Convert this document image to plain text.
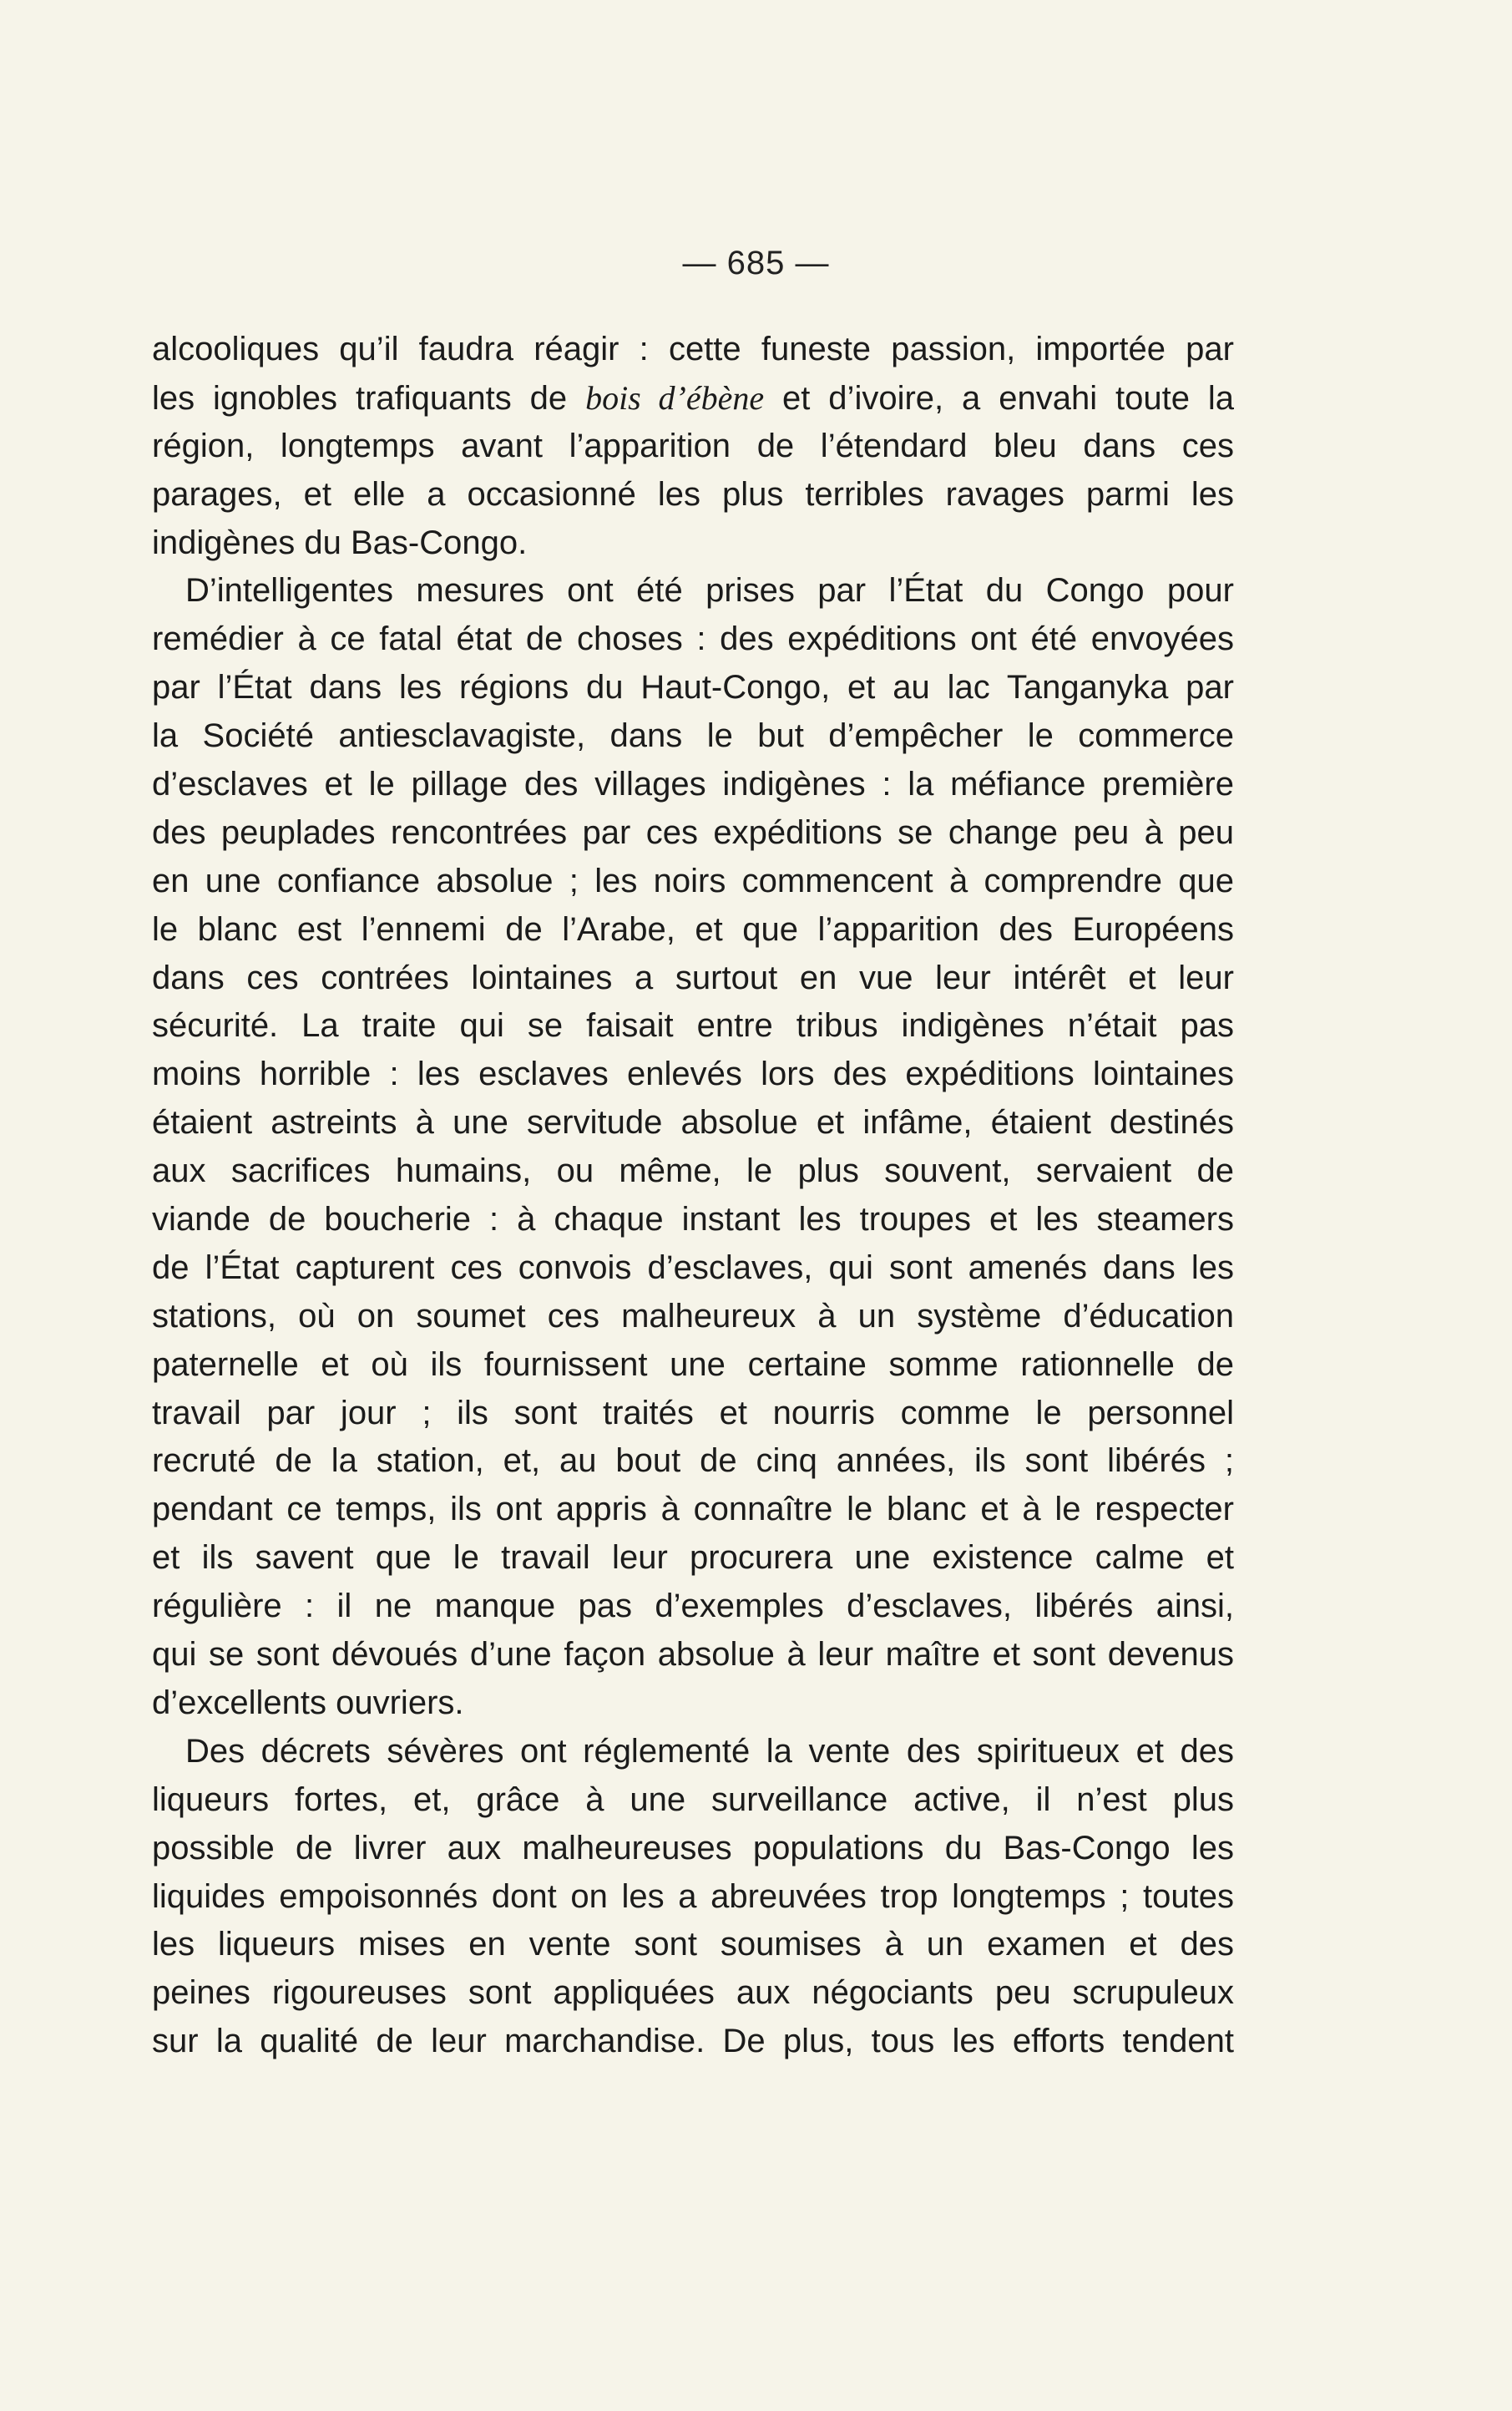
— 685 —
alcooliques qu’il faudra réagir : cette funeste passion, importée par
les ignobles trafiquants de bois d’ébène et d’ivoire, a envahi toute la
région, longtemps avant l’apparition de l’étendard bleu dans ces
parages, et elle a occasionné les plus terribles ravages parmi les
indigènes du Bas-Congo.
D’intelligentes mesures ont été prises par l’État du Congo pour
remédier à ce fatal état de choses : des expéditions ont été envoyées
par l’État dans les régions du Haut-Congo, et au lac Tanganyka par
la Société antiesclavagiste, dans le but d’empêcher le commerce
d’esclaves et le pillage des villages indigènes : la méfiance première
des peuplades rencontrées par ces expéditions se change peu à peu
en une confiance absolue ; les noirs commencent à comprendre que
le blanc est l’ennemi de l’Arabe, et que l’apparition des Européens
dans ces contrées lointaines a surtout en vue leur intérêt et leur
sécurité. La traite qui se faisait entre tribus indigènes n’était pas
moins horrible : les esclaves enlevés lors des expéditions lointaines
étaient astreints à une servitude absolue et infâme, étaient destinés
aux sacrifices humains, ou même, le plus souvent, servaient de
viande de boucherie : à chaque instant les troupes et les steamers
de l’État capturent ces convois d’esclaves, qui sont amenés dans les
stations, où on soumet ces malheureux à un système d’éducation
paternelle et où ils fournissent une certaine somme rationnelle de
travail par jour ; ils sont traités et nourris comme le personnel
recruté de la station, et, au bout de cinq années, ils sont libérés ;
pendant ce temps, ils ont appris à connaître le blanc et à le respecter
et ils savent que le travail leur procurera une existence calme et
régulière : il ne manque pas d’exemples d’esclaves, libérés ainsi,
qui se sont dévoués d’une façon absolue à leur maître et sont devenus
d’excellents ouvriers.
Des décrets sévères ont réglementé la vente des spiritueux et des
liqueurs fortes, et, grâce à une surveillance active, il n’est plus
possible de livrer aux malheureuses populations du Bas-Congo les
liquides empoisonnés dont on les a abreuvées trop longtemps ; toutes
les liqueurs mises en vente sont soumises à un examen et des
peines rigoureuses sont appliquées aux négociants peu scrupuleux
sur la qualité de leur marchandise. De plus, tous les efforts tendent
